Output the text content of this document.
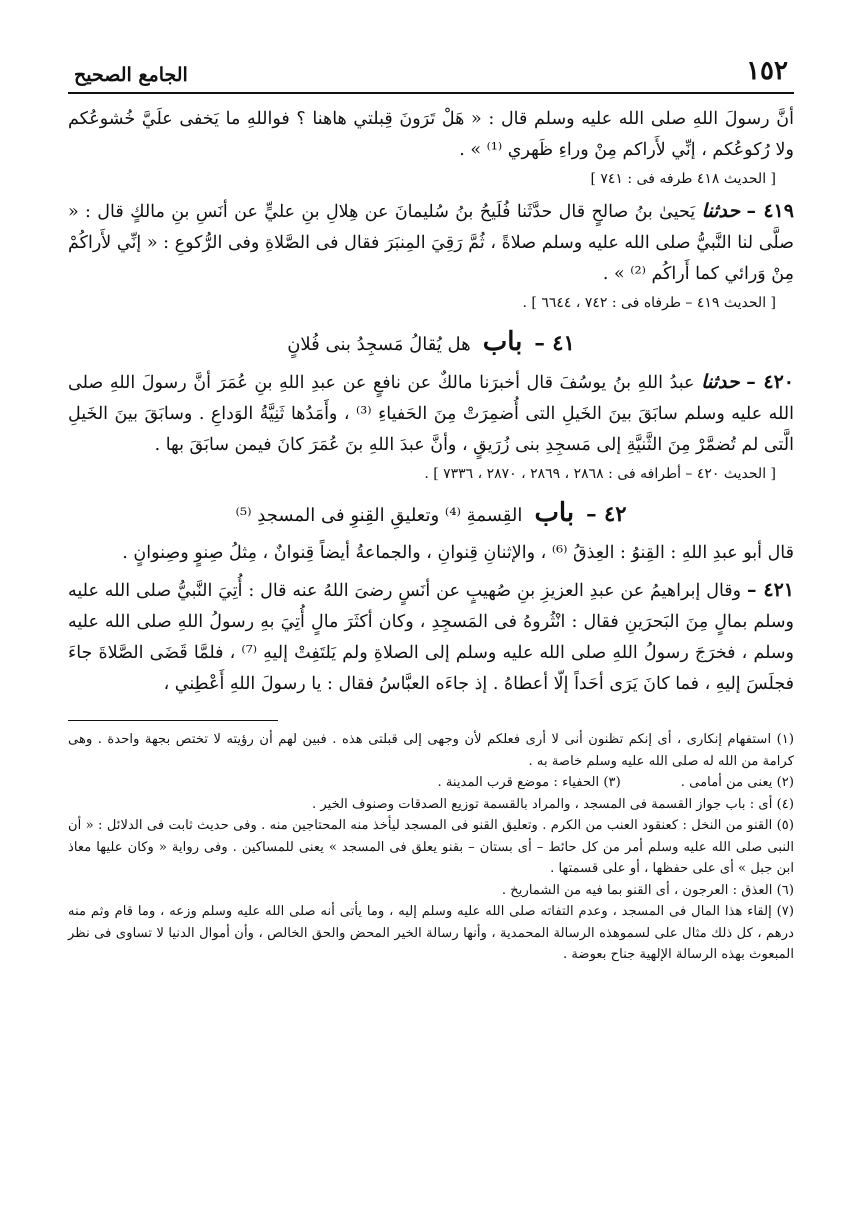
١٥٢
الجامع الصحيح

أنَّ رسولَ اللهِ صلى الله عليه وسلم قال : « هَلْ تَرَونَ قِبلتي هاهنا ؟ فواللهِ ما يَخفى علَيَّ خُشوعُكم ولا رُكوعُكم ، إنِّي لأَراكم مِنْ وراءِ ظَهري ⁽¹⁾ » .

[ الحديث ٤١٨ طرفه فى : ٧٤١ ]

٤١٩ – حدثنا يَحيىٰ بنُ صالحٍ قال حدَّثَنا فُلَيحُ بنُ سُليمانَ عن هِلالِ بنِ عليٍّ عن أنَسِ بنِ مالكٍ قال : « صلَّى لنا النَّبيُّ صلى الله عليه وسلم صلاةً ، ثُمَّ رَقِيَ المِنبَرَ فقال فى الصَّلاةِ وفى الرُّكوعِ : « إنِّي لأَراكُمْ مِنْ وَرائي كما أَراكُم ⁽²⁾ » .

[ الحديث ٤١٩ – طرفاه فى : ٧٤٢ ، ٦٦٤٤ ] .

٤١ – باب هل يُقالُ مَسجِدُ بنى فُلانٍ

٤٢٠ – حدثنا عبدُ اللهِ بنُ يوسُفَ قال أخبرَنا مالكٌ عن نافعٍ عن عبدِ اللهِ بنِ عُمَرَ أنَّ رسولَ اللهِ صلى الله عليه وسلم سابَقَ بينَ الخَيلِ التى أُضمِرَتْ مِنَ الحَفياءِ ⁽³⁾ ، وأَمَدُها ثَنِيَّةُ الوَداعِ . وسابَقَ بينَ الخَيلِ الَّتى لم تُضمَّرْ مِنَ الثَّنيَّةِ إلى مَسجِدِ بنى زُرَيقٍ ، وأنَّ عبدَ اللهِ بنَ عُمَرَ كانَ فيمن سابَقَ بها .

[ الحديث ٤٢٠ – أطرافه فى : ٢٨٦٨ ، ٢٨٦٩ ، ٢٨٧٠ ، ٧٣٣٦ ] .

٤٢ – باب القِسمةِ ⁽⁴⁾ وتعليقِ القِنوِ فى المسجدِ ⁽⁵⁾

قال أبو عبدِ اللهِ : القِنوُ : العِذقُ ⁽⁶⁾ ، والإثنانِ قِنوانِ ، والجماعةُ أيضاً قِنوانٌ ، مِثلُ صِنوٍ وصِنوانٍ .

٤٢١ – وقال إبراهيمُ عن عبدِ العزيزِ بنِ صُهيبٍ عن أنَسٍ رضىَ اللهُ عنه قال : أُتِيَ النَّبيُّ صلى الله عليه وسلم بمالٍ مِنَ البَحرَينِ فقال : انْثُروهُ فى المَسجِدِ ، وكان أكثَرَ مالٍ أُتِيَ بهِ رسولُ اللهِ صلى الله عليه وسلم ، فخرَجَ رسولُ اللهِ صلى الله عليه وسلم إلى الصلاةِ ولم يَلتَفِتْ إليهِ ⁽⁷⁾ ، فلمَّا قَضَى الصَّلاةَ جاءَ فجلَسَ إليهِ ، فما كانَ يَرَى أحَداً إلّا أعطاهُ . إذ جاءَه العبَّاسُ فقال : يا رسولَ اللهِ أَعْطِني ،

(١) استفهام إنكارى ، أى إنكم تظنون أنى لا أرى فعلكم لأن وجهى إلى قبلتى هذه . فبين لهم أن رؤيته لا تختص بجهة واحدة . وهى كرامة من الله له صلى الله عليه وسلم خاصة به .

(٢) يعنى من أمامى .
(٣) الحفياء : موضع قرب المدينة .

(٤) أى : باب جواز القسمة فى المسجد ، والمراد بالقسمة توزيع الصدقات وصنوف الخير .

(٥) القنو من النخل : كعنقود العنب من الكرم . وتعليق القنو فى المسجد ليأخذ منه المحتاجين منه . وفى حديث ثابت فى الدلائل : « أن النبى صلى الله عليه وسلم أمر من كل حائط – أى بستان – بقنو يعلق فى المسجد » يعنى للمساكين . وفى رواية « وكان عليها معاذ ابن جبل » أى على حفظها ، أو على قسمتها .

(٦) العذق : العرجون ، أى القنو بما فيه من الشماريخ .

(٧) إلقاء هذا المال فى المسجد ، وعدم التفاته صلى الله عليه وسلم إليه ، وما يأتى أنه صلى الله عليه وسلم وزعه ، وما قام وثم منه درهم ، كل ذلك مثال على لسموهذه الرسالة المحمدية ، وأنها رسالة الخير المحض والحق الخالص ، وأن أموال الدنيا لا تساوى فى نظر المبعوث بهذه الرسالة الإلهية جناح بعوضة .
